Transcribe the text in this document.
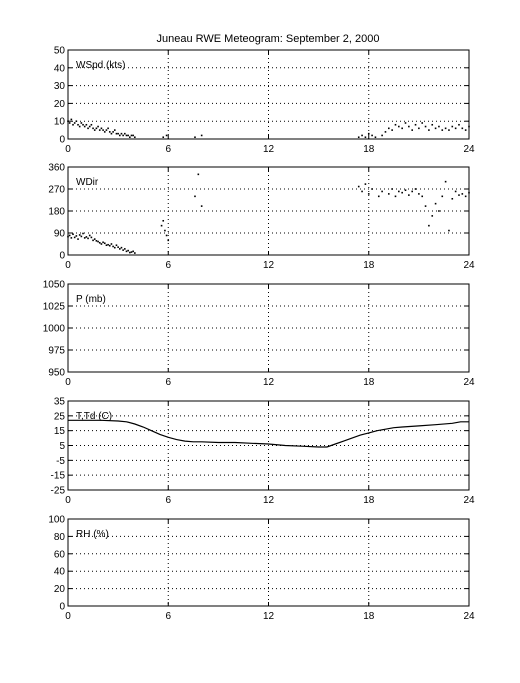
Juneau RWE Meteogram: September 2, 2000
0	6	12	18	24
0
10
20
30
40
50
WSpd (kts)
0	6	12	18	24
0
90
180
270
360
WDir
0	6	12	18	24
950
975
1000
1025
1050
P (mb)
0	6	12	18	24
-25
-15
-5
5
15
25
35
T,Td (C)
0	6	12	18	24
0
20
40
60
80
100
RH (%)
